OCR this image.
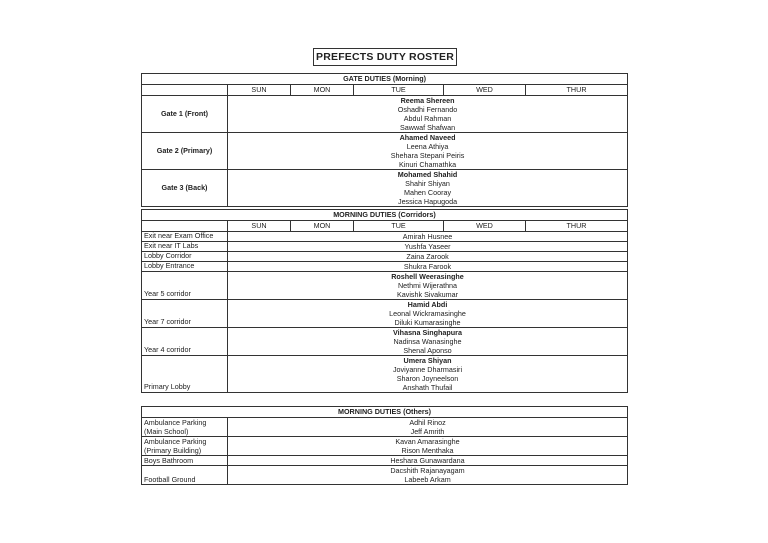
PREFECTS DUTY ROSTER
GATE DUTIES (Morning)					
	SUN	MON	TUE	WED	THUR
Gate 1 (Front)	Reema Shereen
Oshadhi Fernando
Abdul Rahman
Sawwaf Shafwan				

Gate 2 (Primary)	Ahamed Naveed
Leena Athiya
Shehara Stepani Peiris
Kinuri Chamathka				

Gate 3 (Back)	Mohamed Shahid
Shahir Shiyan
Mahen Cooray
Jessica Hapugoda				
MORNING DUTIES (Corridors)					
	SUN	MON	TUE	WED	THUR
Exit near Exam Office	Amirah Husnee				

Exit near IT Labs	Yushfa Yaseer				

Lobby Corridor	Zaina Zarook				

Lobby Entrance	Shukra Farook				

Year 5 corridor	Roshell Weerasinghe
Nethmi Wijerathna
Kavishk Sivakumar				

Year 7 corridor	Hamid Abdi
Leonal Wickramasinghe
Diluki Kumarasinghe				

Year 4 corridor	Vihasna Singhapura
Nadinsa Wanasinghe
Shenal Aponso				

Primary Lobby	Umera Shiyan
Joviyanne Dharmasiri
Sharon Joyneelson
Anshath Thufail				
MORNING DUTIES (Others)	
Ambulance Parking (Main School)	Adhil Rinoz
Jeff Amrith

Ambulance Parking (Primary Building)	Kavan Amarasinghe
Rison Menthaka

Boys Bathroom	Heshara Gunawardana

Football Ground	Dacshith Rajanayagam
Labeeb Arkam
